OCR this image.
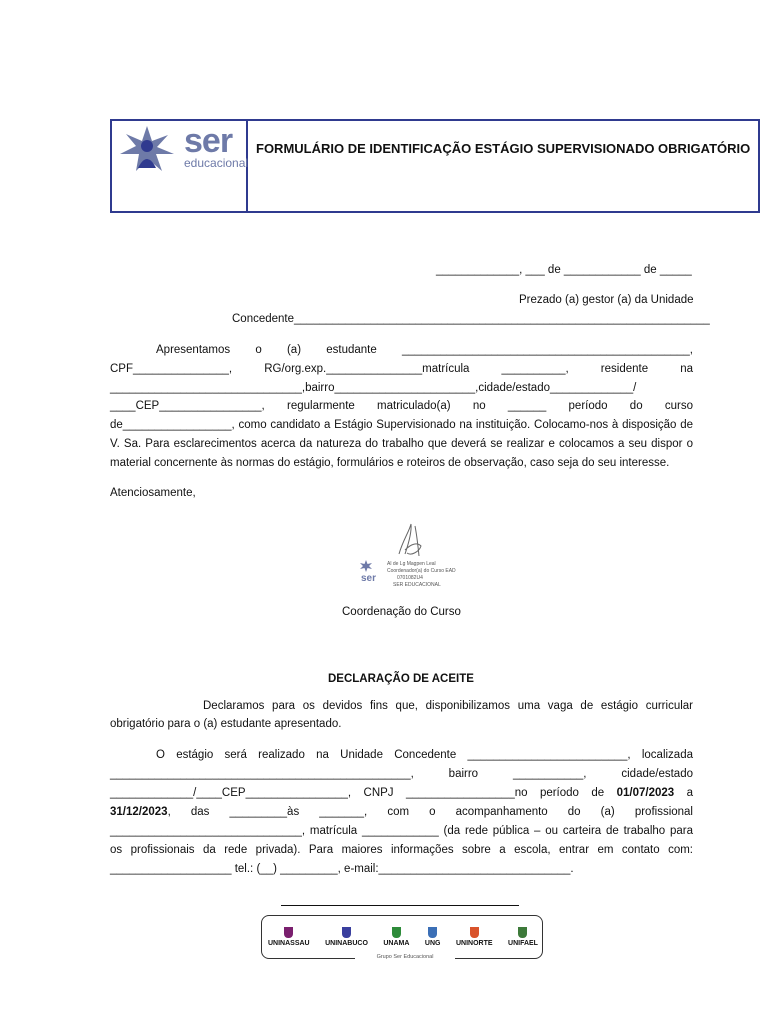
ser
educacional
FORMULÁRIO DE IDENTIFICAÇÃO ESTÁGIO SUPERVISIONADO OBRIGATÓRIO
_____________, ___ de ____________ de _____
Prezado (a) gestor (a) da Unidade
Concedente_________________________________________________________________
Apresentamos o (a) estudante _____________________________________________,
CPF_______________, RG/org.exp._______________matrícula __________, residente na
______________________________,bairro______________________,cidade/estado_____________/
____CEP________________, regularmente matriculado(a) no ______ período do curso
de_________________, como candidato a Estágio Supervisionado na instituição. Colocamo-nos à disposição de
V. Sa. Para esclarecimentos acerca da natureza do trabalho que deverá se realizar e colocamos a seu dispor o
material concernente às normas do estágio, formulários e roteiros de observação, caso seja do seu interesse.
Atenciosamente,
Al de Lg Magpen Leal
Coordenador(a) do Curso EAD
0701082U4
SER EDUCACIONAL
ser
Coordenação do Curso
DECLARAÇÃO DE ACEITE
Declaramos para os devidos fins que, disponibilizamos uma vaga de estágio curricular
obrigatório para o (a) estudante apresentado.
O estágio será realizado na Unidade Concedente _________________________, localizada
_______________________________________________, bairro ___________, cidade/estado
_____________/____CEP________________, CNPJ _________________no período de 01/07/2023 a
31/12/2023, das _________às _______, com o acompanhamento do (a) profissional
______________________________, matrícula ____________ (da rede pública – ou carteira de trabalho para
os profissionais da rede privada). Para maiores informações sobre a escola, entrar em contato com:
___________________ tel.: (__) _________, e-mail:______________________________.
UNINASSAU UNINABUCO UNAMA UNG UNINORTE UNIFAEL
Grupo Ser Educacional
